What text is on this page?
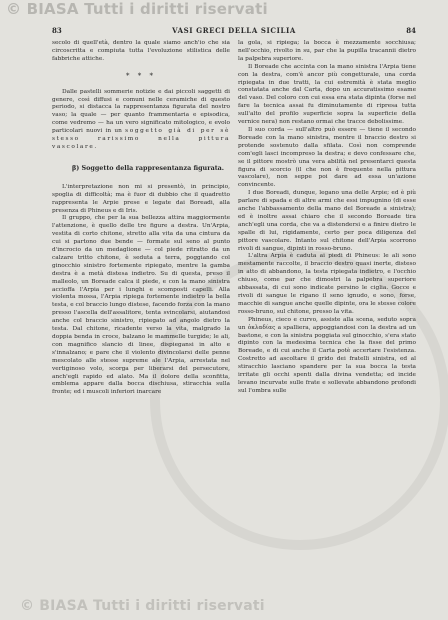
© BIASA Tutti i diritti riservati
83	VASI GRECI DELLA SICILIA	84

secolo di quell'età, dentro la quale siamo anch'io che sia circoscritta e compiuta tutta l'evoluzione stilistica delle fabbriche attiche.

* * *

Dalle pastelli sommerie notizie e dai piccoli saggetti di genere, così diffusi e comuni nelle ceramiche di questo periodo, si distacca la rappresentanza figurata del nostro vaso; la quale — per quanto frammentaria e episodica, come vedremo — ha un vero significato mitologico, e evolo particolari nuovi in un soggetto già di per sè stesso rarissimo nella pittura vascolare.

β) Soggetto della rappresentanza figurata.

L'interpretazione non mi si presentò, in principio, spoglia di difficoltà; ma è fuor di dubbio che il quadretto rappresenta le Arpie prese e legate dai Boreadi, alla presenza di Phineus e di Iris.

Il gruppo, che per la sua bellezza attira maggiormente l'attenzione, è quello delle tre figure a destra. Un'Arpia, vestita di corto chitone, stretto alla vita da una cintura da cui si partono due bende — formate sul seno al punto d'incrocio da un medaglione — col piede ritratto da un calzare tritto chitone, è seduta a terra, poggiando col ginocchio sinistro fortemente ripiegato, mentre la gamba destra è a metà distesa indietro. Su di questa, preso il malleolo, un Boreade calca il piede, e con la mano sinistra accioffa l'Arpia per i lunghi e scomposti capelli. Alla violenta mossa, l'Arpia ripiega fortemente indietro la bella testa, e col braccio lungo distese, facendo forza con la mano presso l'ascella dell'assalitore, tenta svincolarsi, aiutandosi anche col braccio sinistro, ripiegato ad angolo dietro la testa. Dal chitone, ricadente verso la vita, malgrado la doppia benda in croce, balzano le mammelle turgide; le ali, con magnifico slancio di linee, dispiegansi in alto e s'innalzano; e pare che il violento divincolarsi delle penne mescolato alle stesse supreme ale l'Arpia, arrestata nel vertiginoso volo, scorga per liberarsi del persecutore, anch'egli rapido ed alato. Ma il dolore della sconfitta, emblema appare dalla bocca dischiusa, stiracchia sulla fronte; ed i muscoli inferiori inarcare

la gola, si ripiega; la bocca è mezzamente socchiusa; nell'occhio, rivolto in su, par che la pupilla tracannii dietro la palpebra superiore.

Il Boreade che accinta con la mano sinistra l'Arpia tiene con la destra, com'è ancor più congetturale, una corda ripiegata in due tratti, la cui estremità è stata meglio constatata anche dal Carta, dopo un accuratissimo esame del vaso. Del coloro con cui essa era stata dipinta (forse nel fare la tecnica assai fu diminutamente di ripresa tutta sull'alto del profilo superficie sopra la superficie della vernice nera) non restano ormai che tracce debolissime.

Il suo corda — sull'altro può essere — tiene il secondo Boreade con la mano sinistra, mentre il braccio destro si protende sostenuto dalla sfilata. Così non comprende com'egli lasci incompreso la destra; e devo confessare che, se il pittore mostrò una vera abilità nel presentarci questa figura di scorcio (il che non è frequente nella pittura vascolare), non seppe poi dare ad essa un'azione convincente.

I due Boreadi, dunque, legano una delle Arpie; ed è più parlare di spada e di altre armi che essi impugnino (di esse anche l'abbassamento della mano del Boreade a sinistra); ed è inoltre assai chiaro che il secondo Boreade tira anch'egli una corda, che va a distendersi e a finire dietro le spalle di lui, rigidamente, certo per poca diligenza del pittore vascolare. Intanto sul chitone dell'Arpia scorrono rivoli di sangue, dipinti in rosso-bruno.

L'altra Arpia è caduta ai piedi di Phineus: le ali sono mestamente raccolte, il braccio destro quasi inerte, disteso in atto di abbandono, la testa ripiegata indietro, e l'occhio chiuso, come par che dimostri la palpebra superiore abbassata, di cui sono indicate persino le ciglia. Gocce e rivoli di sangue le rigano il seno ignudo, e sono, forse, macchie di sangue anche quelle dipinte, ora le stesse colore rosso-bruno, sul chitone, presso la vita.

Phineus, cieco e curvo, assiste alla scena, seduto sopra un ὀκλαδίας a spalliera, appoggiandosi con la destra ad un bastone, e con la sinistra poggiata sul ginocchio, s'era stato dipinto con la medesima tecnica che la fisse del primo Boreade, e di cui anche il Carta potè accertare l'esistenza. Costretto ad ascoltare il grido dei fratelli sinistra, ed al stiracchio lasciano spandere per la sua bocca la testa irritate gli occhi spenti dalla divina vendetta; ed incide levano incurvate sulle frate e sollevate abbandono profondi sul l'ombra sulle

© BIASA Tutti i diritti riservati
